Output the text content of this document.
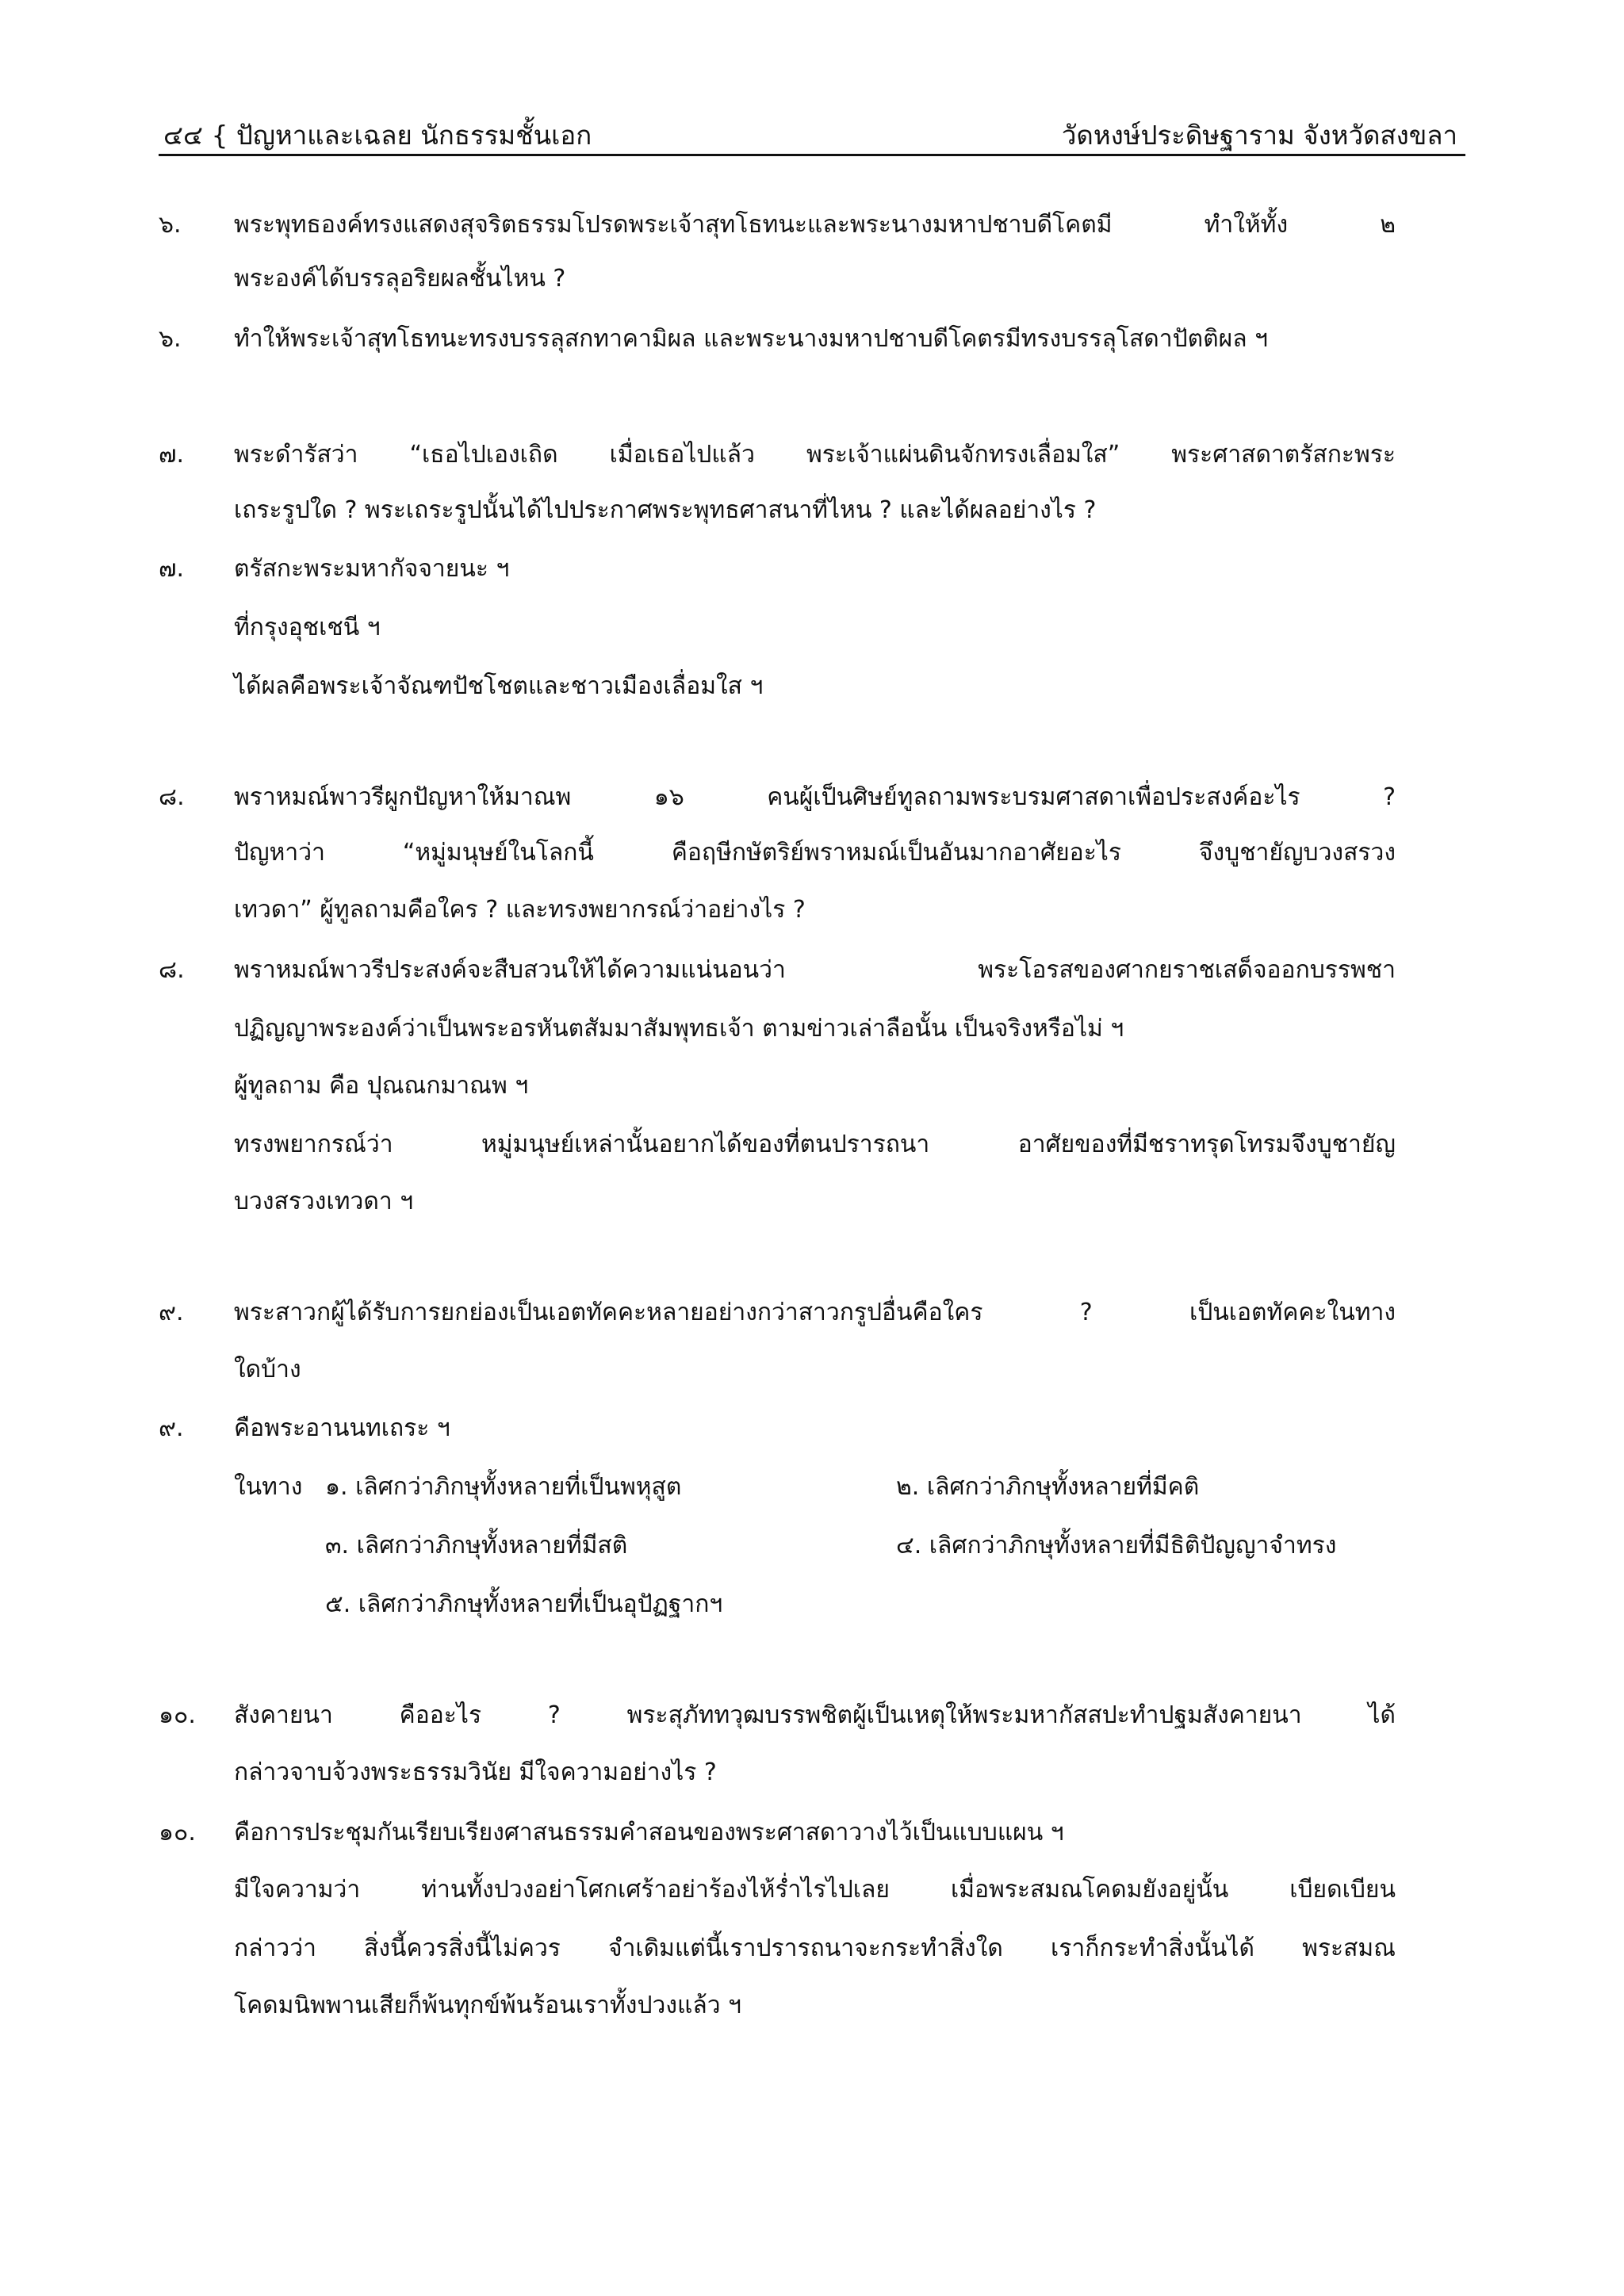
๔๔ { ปัญหาและเฉลย นักธรรมชั้นเอก	วัดหงษ์ประดิษฐาราม จังหวัดสงขลา
๖.	พระพุทธองค์ทรงแสดงสุจริตธรรมโปรดพระเจ้าสุทโธทนะและพระนางมหาปชาบดีโคตมี ทำให้ทั้ง ๒
พระองค์ได้บรรลุอริยผลชั้นไหน ?
๖.	ทำให้พระเจ้าสุทโธทนะทรงบรรลุสกทาคามิผล และพระนางมหาปชาบดีโคตรมีทรงบรรลุโสดาปัตติผล ฯ
๗.	พระดำรัสว่า “เธอไปเองเถิด เมื่อเธอไปแล้ว พระเจ้าแผ่นดินจักทรงเลื่อมใส” พระศาสดาตรัสกะพระ
เถระรูปใด ? พระเถระรูปนั้นได้ไปประกาศพระพุทธศาสนาที่ไหน ? และได้ผลอย่างไร ?
๗.	ตรัสกะพระมหากัจจายนะ ฯ
ที่กรุงอุชเชนี ฯ
ได้ผลคือพระเจ้าจัณฑปัชโชตและชาวเมืองเลื่อมใส ฯ
๘.	พราหมณ์พาวรีผูกปัญหาให้มาณพ ๑๖ คนผู้เป็นศิษย์ทูลถามพระบรมศาสดาเพื่อประสงค์อะไร ?
ปัญหาว่า “หมู่มนุษย์ในโลกนี้ คือฤษีกษัตริย์พราหมณ์เป็นอันมากอาศัยอะไร จึงบูชายัญบวงสรวง
เทวดา” ผู้ทูลถามคือใคร ? และทรงพยากรณ์ว่าอย่างไร ?
๘.	พราหมณ์พาวรีประสงค์จะสืบสวนให้ได้ความแน่นอนว่า พระโอรสของศากยราชเสด็จออกบรรพชา
ปฏิญญาพระองค์ว่าเป็นพระอรหันตสัมมาสัมพุทธเจ้า ตามข่าวเล่าลือนั้น เป็นจริงหรือไม่ ฯ
ผู้ทูลถาม คือ ปุณณกมาณพ ฯ
ทรงพยากรณ์ว่า หมู่มนุษย์เหล่านั้นอยากได้ของที่ตนปรารถนา อาศัยของที่มีชราทรุดโทรมจึงบูชายัญ
บวงสรวงเทวดา ฯ
๙.	พระสาวกผู้ได้รับการยกย่องเป็นเอตทัคคะหลายอย่างกว่าสาวกรูปอื่นคือใคร ? เป็นเอตทัคคะในทาง
ใดบ้าง
๙.	คือพระอานนทเถระ ฯ
ในทาง ๑. เลิศกว่าภิกษุทั้งหลายที่เป็นพหุสูต	๒. เลิศกว่าภิกษุทั้งหลายที่มีคติ
๓. เลิศกว่าภิกษุทั้งหลายที่มีสติ	๔. เลิศกว่าภิกษุทั้งหลายที่มีธิติปัญญาจำทรง
๕. เลิศกว่าภิกษุทั้งหลายที่เป็นอุปัฏฐากฯ
๑๐.	สังคายนา คืออะไร ? พระสุภัททวุฒบรรพชิตผู้เป็นเหตุให้พระมหากัสสปะทำปฐมสังคายนา ได้
กล่าวจาบจ้วงพระธรรมวินัย มีใจความอย่างไร ?
๑๐.	คือการประชุมกันเรียบเรียงศาสนธรรมคำสอนของพระศาสดาวางไว้เป็นแบบแผน ฯ
มีใจความว่า ท่านทั้งปวงอย่าโศกเศร้าอย่าร้องไห้ร่ำไรไปเลย เมื่อพระสมณโคดมยังอยู่นั้น เบียดเบียน
กล่าวว่า สิ่งนี้ควรสิ่งนี้ไม่ควร จำเดิมแต่นี้เราปรารถนาจะกระทำสิ่งใด เราก็กระทำสิ่งนั้นได้ พระสมณ
โคดมนิพพานเสียก็พ้นทุกข์พ้นร้อนเราทั้งปวงแล้ว ฯ
